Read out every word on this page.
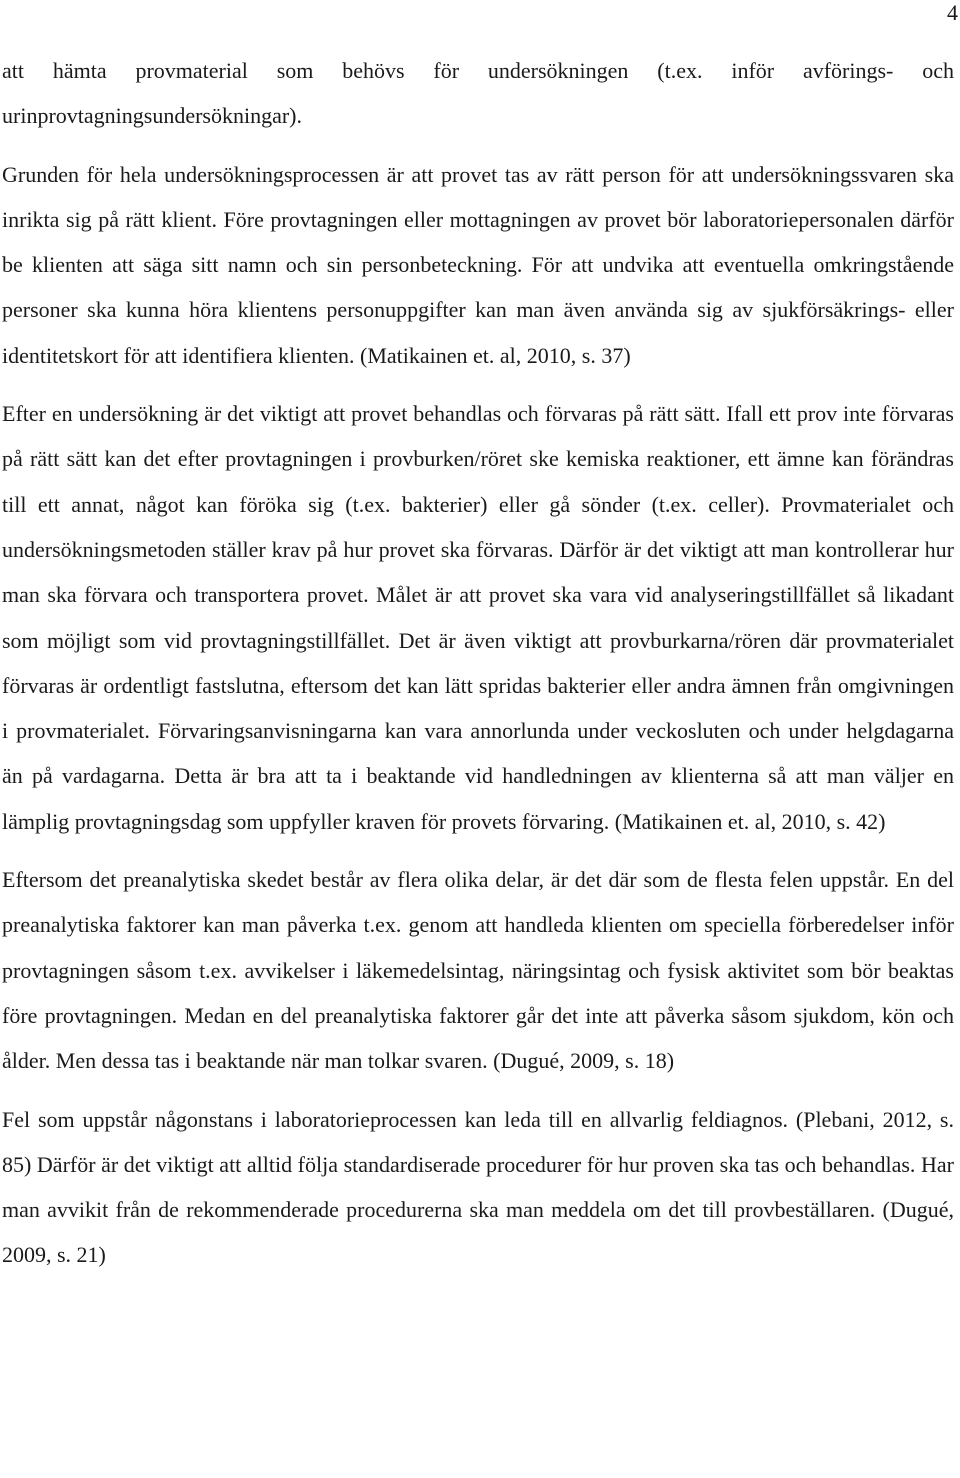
4

att hämta provmaterial som behövs för undersökningen (t.ex. inför avförings- och urinprovtagningsundersökningar).

Grunden för hela undersökningsprocessen är att provet tas av rätt person för att undersökningssvaren ska inrikta sig på rätt klient. Före provtagningen eller mottagningen av provet bör laboratoriepersonalen därför be klienten att säga sitt namn och sin personbeteckning. För att undvika att eventuella omkringstående personer ska kunna höra klientens personuppgifter kan man även använda sig av sjukförsäkrings- eller identitetskort för att identifiera klienten. (Matikainen et. al, 2010, s. 37)

Efter en undersökning är det viktigt att provet behandlas och förvaras på rätt sätt. Ifall ett prov inte förvaras på rätt sätt kan det efter provtagningen i provburken/röret ske kemiska reaktioner, ett ämne kan förändras till ett annat, något kan föröka sig (t.ex. bakterier) eller gå sönder (t.ex. celler). Provmaterialet och undersökningsmetoden ställer krav på hur provet ska förvaras. Därför är det viktigt att man kontrollerar hur man ska förvara och transportera provet. Målet är att provet ska vara vid analyseringstillfället så likadant som möjligt som vid provtagningstillfället. Det är även viktigt att provburkarna/rören där provmaterialet förvaras är ordentligt fastslutna, eftersom det kan lätt spridas bakterier eller andra ämnen från omgivningen i provmaterialet. Förvaringsanvisningarna kan vara annorlunda under veckosluten och under helgdagarna än på vardagarna. Detta är bra att ta i beaktande vid handledningen av klienterna så att man väljer en lämplig provtagningsdag som uppfyller kraven för provets förvaring. (Matikainen et. al, 2010, s. 42)

Eftersom det preanalytiska skedet består av flera olika delar, är det där som de flesta felen uppstår. En del preanalytiska faktorer kan man påverka t.ex. genom att handleda klienten om speciella förberedelser inför provtagningen såsom t.ex. avvikelser i läkemedelsintag, näringsintag och fysisk aktivitet som bör beaktas före provtagningen. Medan en del preanalytiska faktorer går det inte att påverka såsom sjukdom, kön och ålder. Men dessa tas i beaktande när man tolkar svaren. (Dugué, 2009, s. 18)

Fel som uppstår någonstans i laboratorieprocessen kan leda till en allvarlig feldiagnos. (Plebani, 2012, s. 85) Därför är det viktigt att alltid följa standardiserade procedurer för hur proven ska tas och behandlas. Har man avvikit från de rekommenderade procedurerna ska man meddela om det till provbeställaren. (Dugué, 2009, s. 21)
